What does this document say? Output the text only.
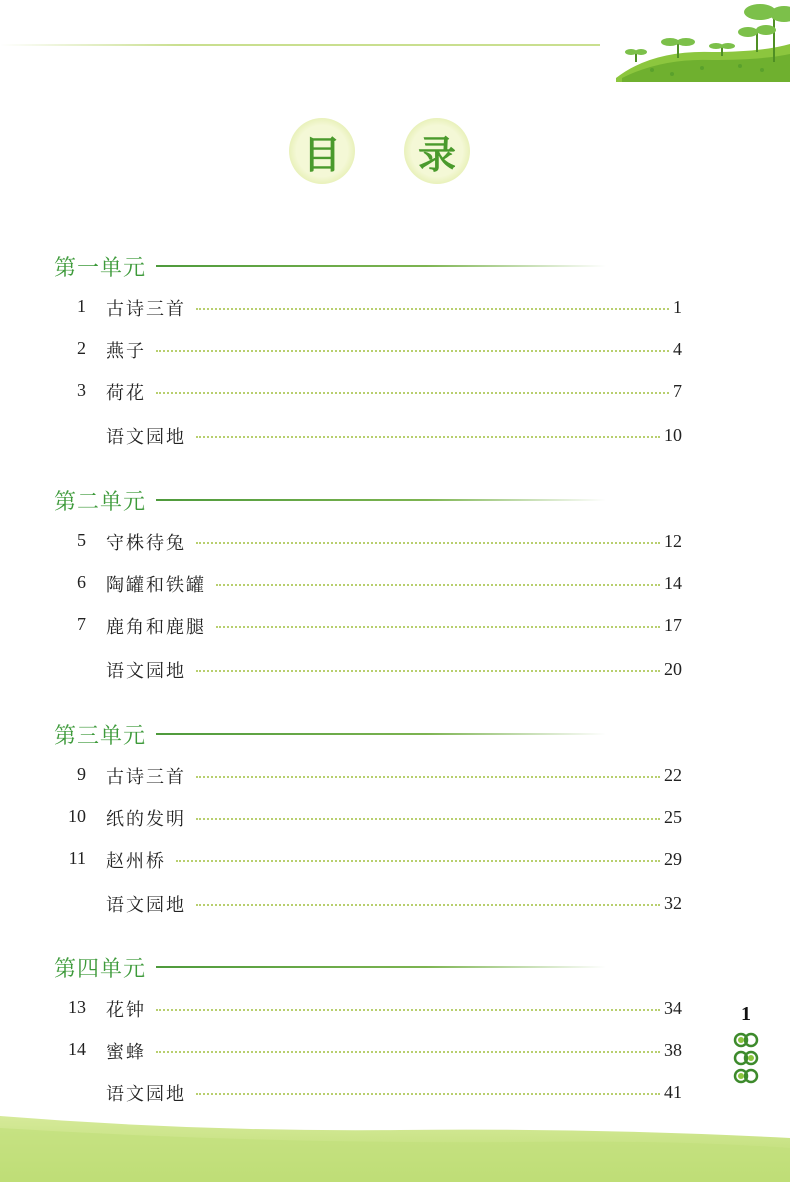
目	录
第一单元
1 古诗三首	1
2 燕子	4
3 荷花	7
语文园地	10
第二单元
5 守株待兔	12
6 陶罐和铁罐	14
7 鹿角和鹿腿	17
语文园地	20
第三单元
9 古诗三首	22
10 纸的发明	25
11 赵州桥	29
语文园地	32
第四单元
13 花钟	34
14 蜜蜂	38
语文园地	41
1
